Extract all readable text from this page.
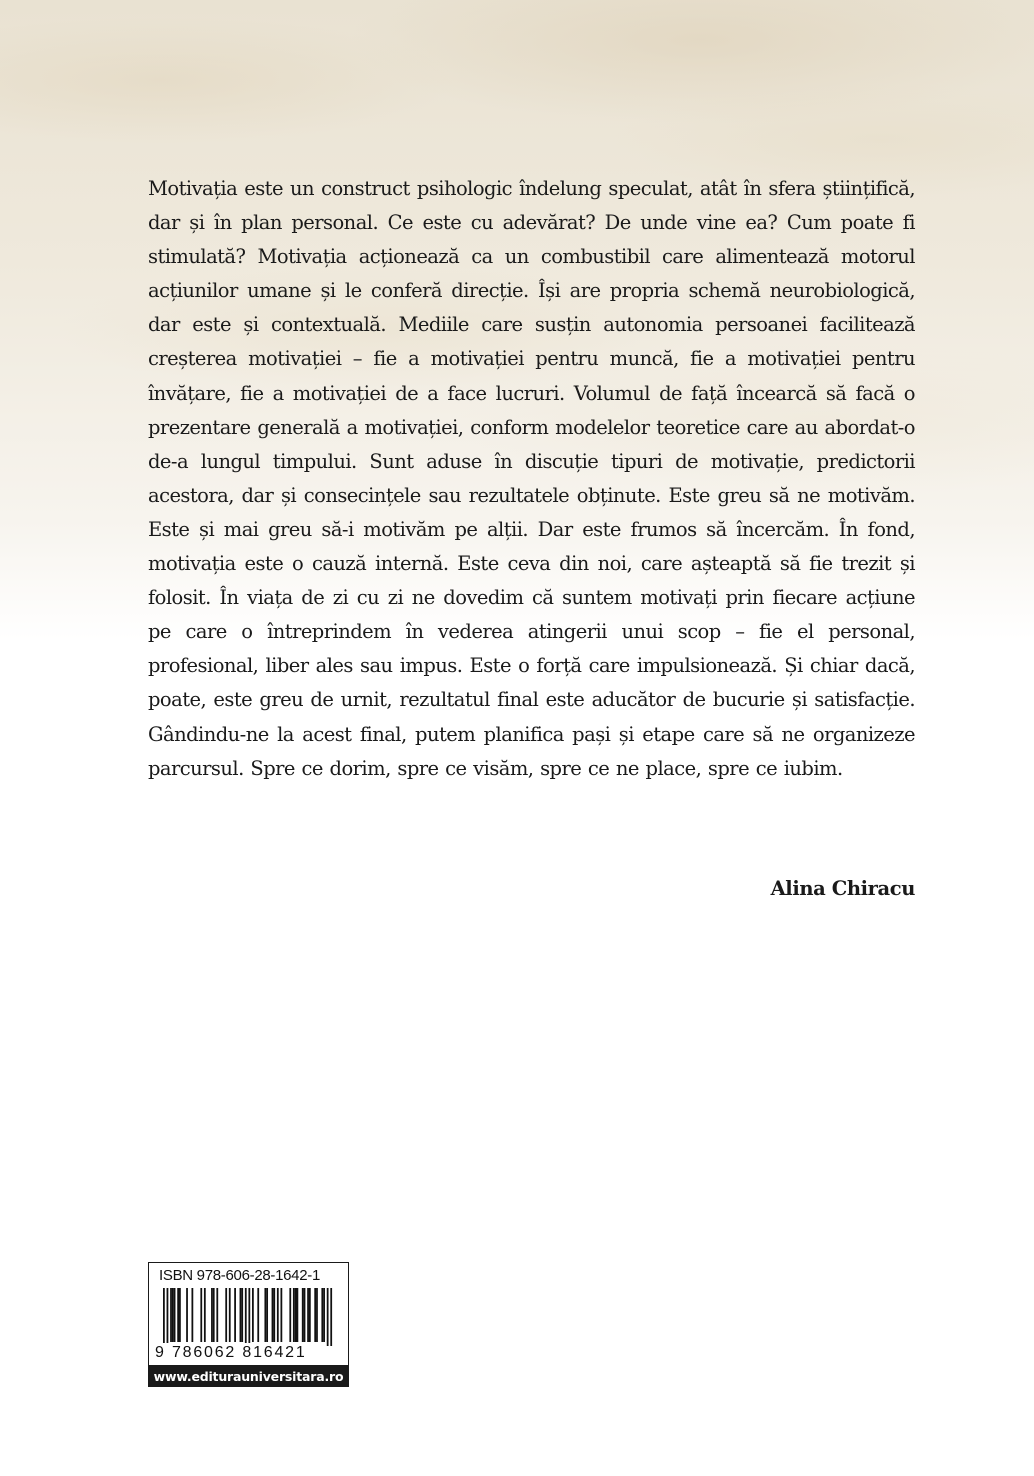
Motivația este un construct psihologic îndelung speculat, atât în sfera științifică, dar și în plan personal. Ce este cu adevărat? De unde vine ea? Cum poate fi stimulată? Motivația acționează ca un combustibil care alimentează motorul acțiunilor umane și le conferă direcție. Își are propria schemă neurobiologică, dar este și contextuală. Mediile care susțin autonomia persoanei facilitează creșterea motivației – fie a motivației pentru muncă, fie a motivației pentru învățare, fie a motivației de a face lucruri. Volumul de față încearcă să facă o prezentare generală a motivației, conform modelelor teoretice care au abordat-o de-a lungul timpului. Sunt aduse în discuție tipuri de motivație, predictorii acestora, dar și consecințele sau rezultatele obținute. Este greu să ne motivăm. Este și mai greu să-i motivăm pe alții. Dar este frumos să încercăm. În fond, motivația este o cauză internă. Este ceva din noi, care așteaptă să fie trezit și folosit. În viața de zi cu zi ne dovedim că suntem motivați prin fiecare acțiune pe care o întreprindem în vederea atingerii unui scop – fie el personal, profesional, liber ales sau impus. Este o forță care impulsionează. Și chiar dacă, poate, este greu de urnit, rezultatul final este aducător de bucurie și satisfacție. Gândindu-ne la acest final, putem planifica pași și etape care să ne organizeze parcursul. Spre ce dorim, spre ce visăm, spre ce ne place, spre ce iubim.

Alina Chiracu

ISBN 978-606-28-1642-1
9 786062 816421
www.editurauniversitara.ro
